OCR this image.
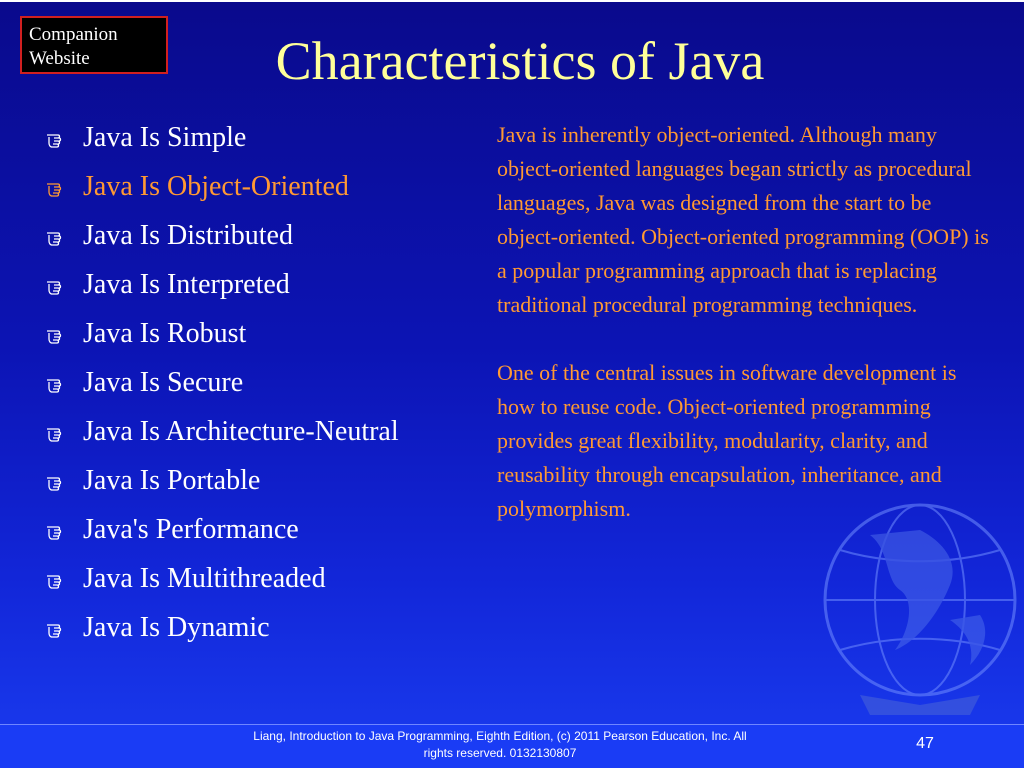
Companion
Website	Characteristics of Java
Java Is Simple
Java Is Object-Oriented
Java Is Distributed
Java Is Interpreted
Java Is Robust
Java Is Secure
Java Is Architecture-Neutral
Java Is Portable
Java's Performance
Java Is Multithreaded
Java Is Dynamic

Java is inherently object-oriented. Although many object-oriented languages began strictly as procedural languages, Java was designed from the start to be object-oriented. Object-oriented programming (OOP) is a popular programming approach that is replacing traditional procedural programming techniques.

One of the central issues in software development is how to reuse code. Object-oriented programming provides great flexibility, modularity, clarity, and reusability through encapsulation, inheritance, and polymorphism.

Liang, Introduction to Java Programming, Eighth Edition, (c) 2011 Pearson Education, Inc. All
rights reserved. 0132130807
47
